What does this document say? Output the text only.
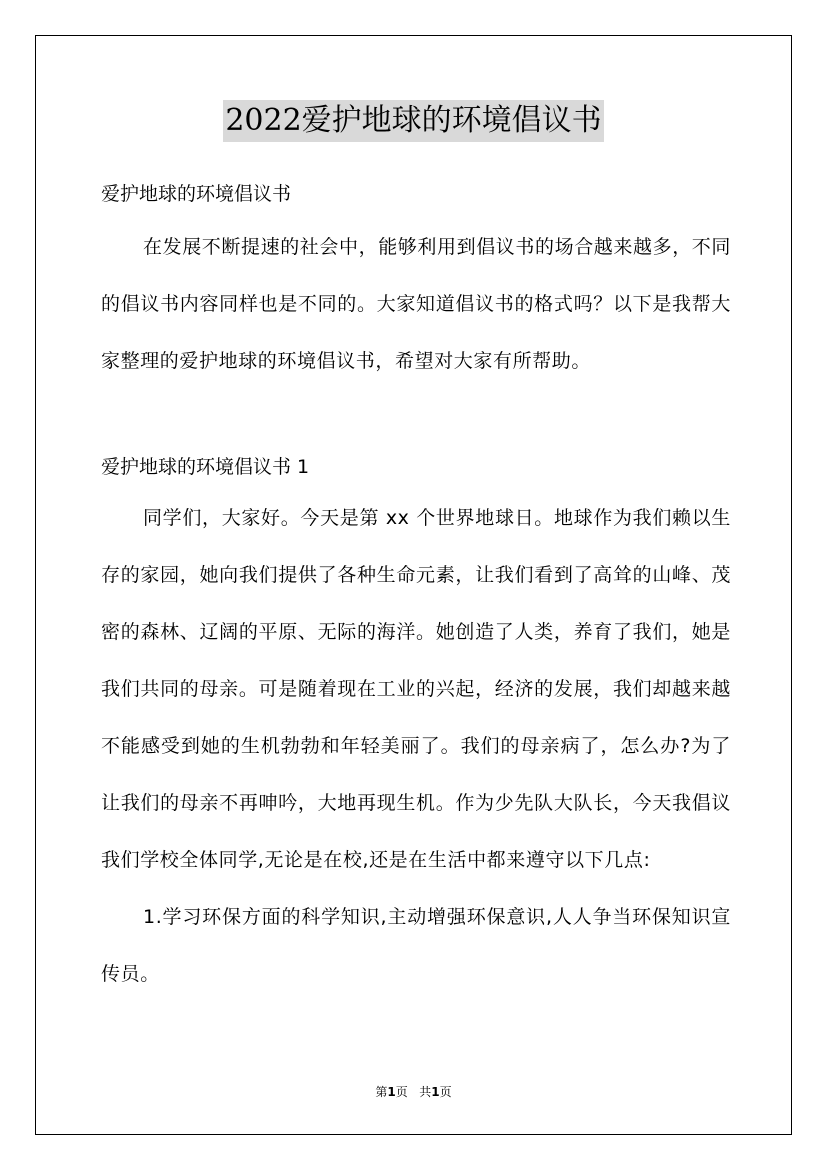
2022爱护地球的环境倡议书

爱护地球的环境倡议书

在发展不断提速的社会中，能够利用到倡议书的场合越来越多，不同的倡议书内容同样也是不同的。大家知道倡议书的格式吗？以下是我帮大家整理的爱护地球的环境倡议书，希望对大家有所帮助。

爱护地球的环境倡议书 1

同学们，大家好。今天是第 xx 个世界地球日。地球作为我们赖以生存的家园，她向我们提供了各种生命元素，让我们看到了高耸的山峰、茂密的森林、辽阔的平原、无际的海洋。她创造了人类，养育了我们，她是我们共同的母亲。可是随着现在工业的兴起，经济的发展，我们却越来越不能感受到她的生机勃勃和年轻美丽了。我们的母亲病了，怎么办?为了让我们的母亲不再呻吟，大地再现生机。作为少先队大队长，今天我倡议我们学校全体同学,无论是在校,还是在生活中都来遵守以下几点:

1.学习环保方面的科学知识,主动增强环保意识,人人争当环保知识宣传员。

第1页 共1页
